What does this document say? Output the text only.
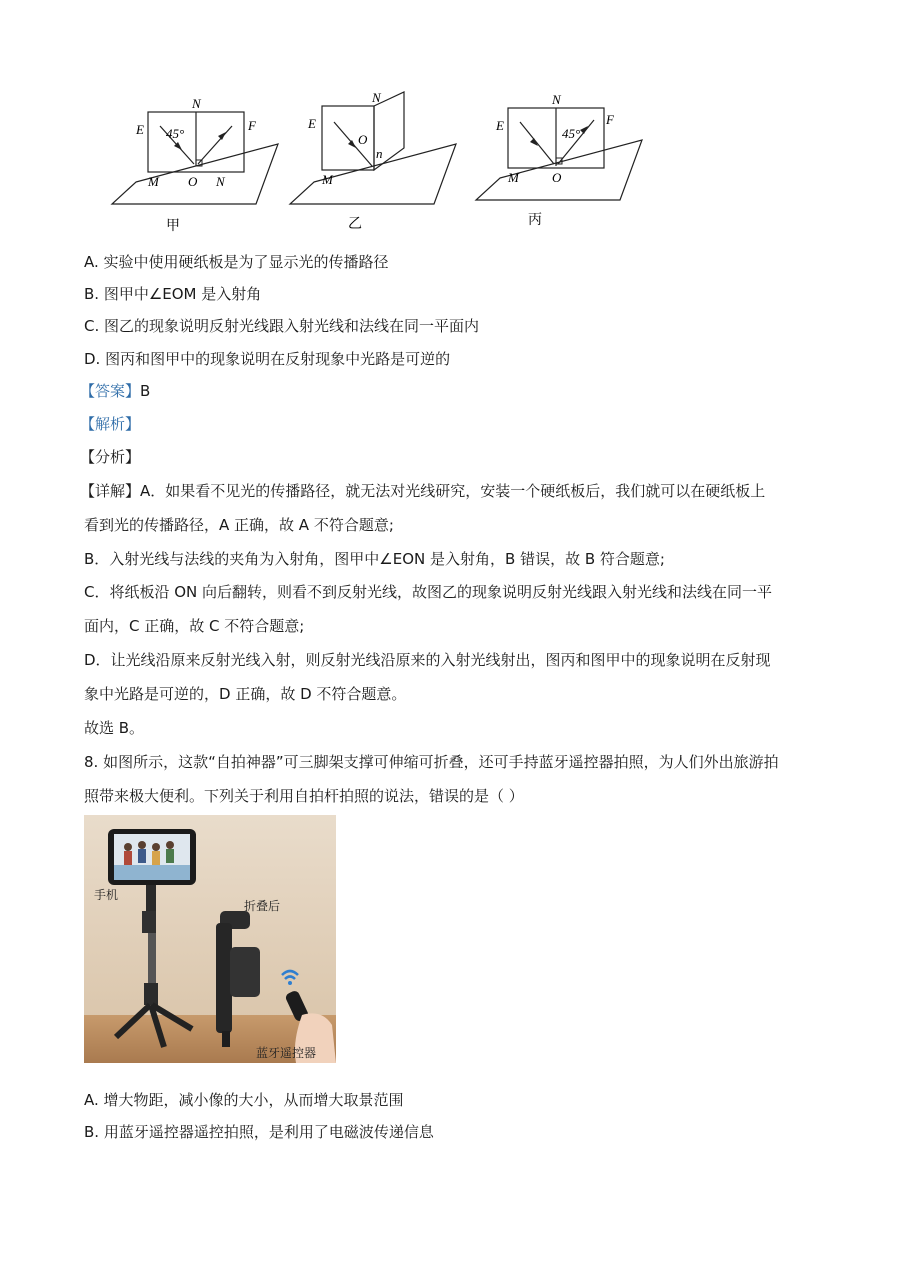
E
N
F
45°
M O N
甲
E
N
O
n
M
乙
E
N
F
45°
M	O
丙
A. 实验中使用硬纸板是为了显示光的传播路径
B. 图甲中∠EOM 是入射角
C. 图乙的现象说明反射光线跟入射光线和法线在同一平面内
D. 图丙和图甲中的现象说明在反射现象中光路是可逆的
【答案】B
【解析】
【分析】
【详解】A．如果看不见光的传播路径，就无法对光线研究，安装一个硬纸板后，我们就可以在硬纸板上
看到光的传播路径，A 正确，故 A 不符合题意;
B．入射光线与法线的夹角为入射角，图甲中∠EON 是入射角，B 错误，故 B 符合题意;
C．将纸板沿 ON 向后翻转，则看不到反射光线，故图乙的现象说明反射光线跟入射光线和法线在同一平
面内，C 正确，故 C 不符合题意;
D．让光线沿原来反射光线入射，则反射光线沿原来的入射光线射出，图丙和图甲中的现象说明在反射现
象中光路是可逆的，D 正确，故 D 不符合题意。
故选 B。
8. 如图所示，这款“自拍神器”可三脚架支撑可伸缩可折叠，还可手持蓝牙遥控器拍照，为人们外出旅游拍
照带来极大便利。下列关于利用自拍杆拍照的说法，错误的是（ ）
手机
折叠后
蓝牙遥控器
A. 增大物距，减小像的大小，从而增大取景范围
B. 用蓝牙遥控器遥控拍照，是利用了电磁波传递信息
